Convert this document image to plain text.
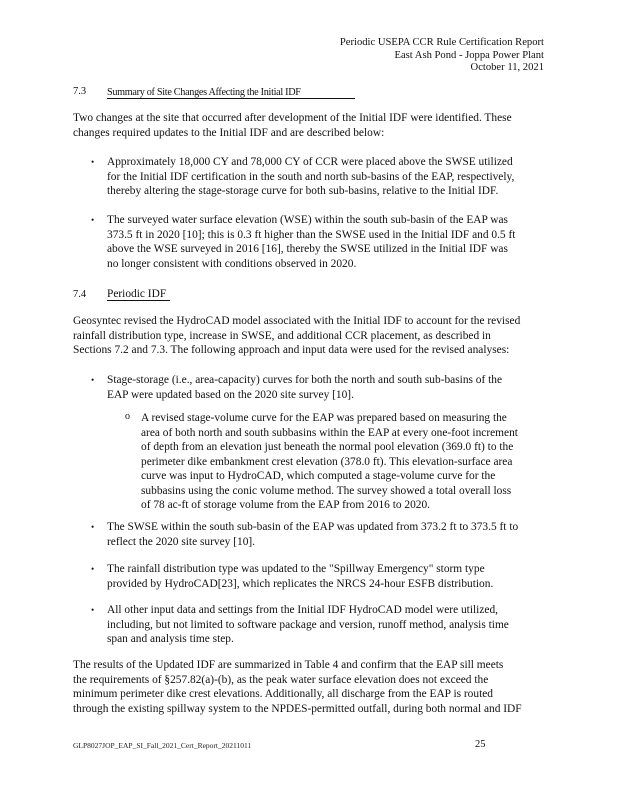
Periodic USEPA CCR Rule Certification Report
East Ash Pond - Joppa Power Plant
October 11, 2021
7.3 Summary of Site Changes Affecting the Initial IDF
Two changes at the site that occurred after development of the Initial IDF were identified. These
changes required updates to the Initial IDF and are described below:
• Approximately 18,000 CY and 78,000 CY of CCR were placed above the SWSE utilized
for the Initial IDF certification in the south and north sub-basins of the EAP, respectively,
thereby altering the stage-storage curve for both sub-basins, relative to the Initial IDF.
• The surveyed water surface elevation (WSE) within the south sub-basin of the EAP was
373.5 ft in 2020 [10]; this is 0.3 ft higher than the SWSE used in the Initial IDF and 0.5 ft
above the WSE surveyed in 2016 [16], thereby the SWSE utilized in the Initial IDF was
no longer consistent with conditions observed in 2020.
7.4 Periodic IDF
Geosyntec revised the HydroCAD model associated with the Initial IDF to account for the revised
rainfall distribution type, increase in SWSE, and additional CCR placement, as described in
Sections 7.2 and 7.3. The following approach and input data were used for the revised analyses:
• Stage-storage (i.e., area-capacity) curves for both the north and south sub-basins of the
EAP were updated based on the 2020 site survey [10].
o A revised stage-volume curve for the EAP was prepared based on measuring the
area of both north and south subbasins within the EAP at every one-foot increment
of depth from an elevation just beneath the normal pool elevation (369.0 ft) to the
perimeter dike embankment crest elevation (378.0 ft). This elevation-surface area
curve was input to HydroCAD, which computed a stage-volume curve for the
subbasins using the conic volume method. The survey showed a total overall loss
of 78 ac-ft of storage volume from the EAP from 2016 to 2020.
• The SWSE within the south sub-basin of the EAP was updated from 373.2 ft to 373.5 ft to
reflect the 2020 site survey [10].
• The rainfall distribution type was updated to the "Spillway Emergency" storm type
provided by HydroCAD[23], which replicates the NRCS 24-hour ESFB distribution.
• All other input data and settings from the Initial IDF HydroCAD model were utilized,
including, but not limited to software package and version, runoff method, analysis time
span and analysis time step.
The results of the Updated IDF are summarized in Table 4 and confirm that the EAP sill meets
the requirements of §257.82(a)-(b), as the peak water surface elevation does not exceed the
minimum perimeter dike crest elevations. Additionally, all discharge from the EAP is routed
through the existing spillway system to the NPDES-permitted outfall, during both normal and IDF
GLP8027JOP_EAP_SI_Fall_2021_Cert_Report_20211011	25
